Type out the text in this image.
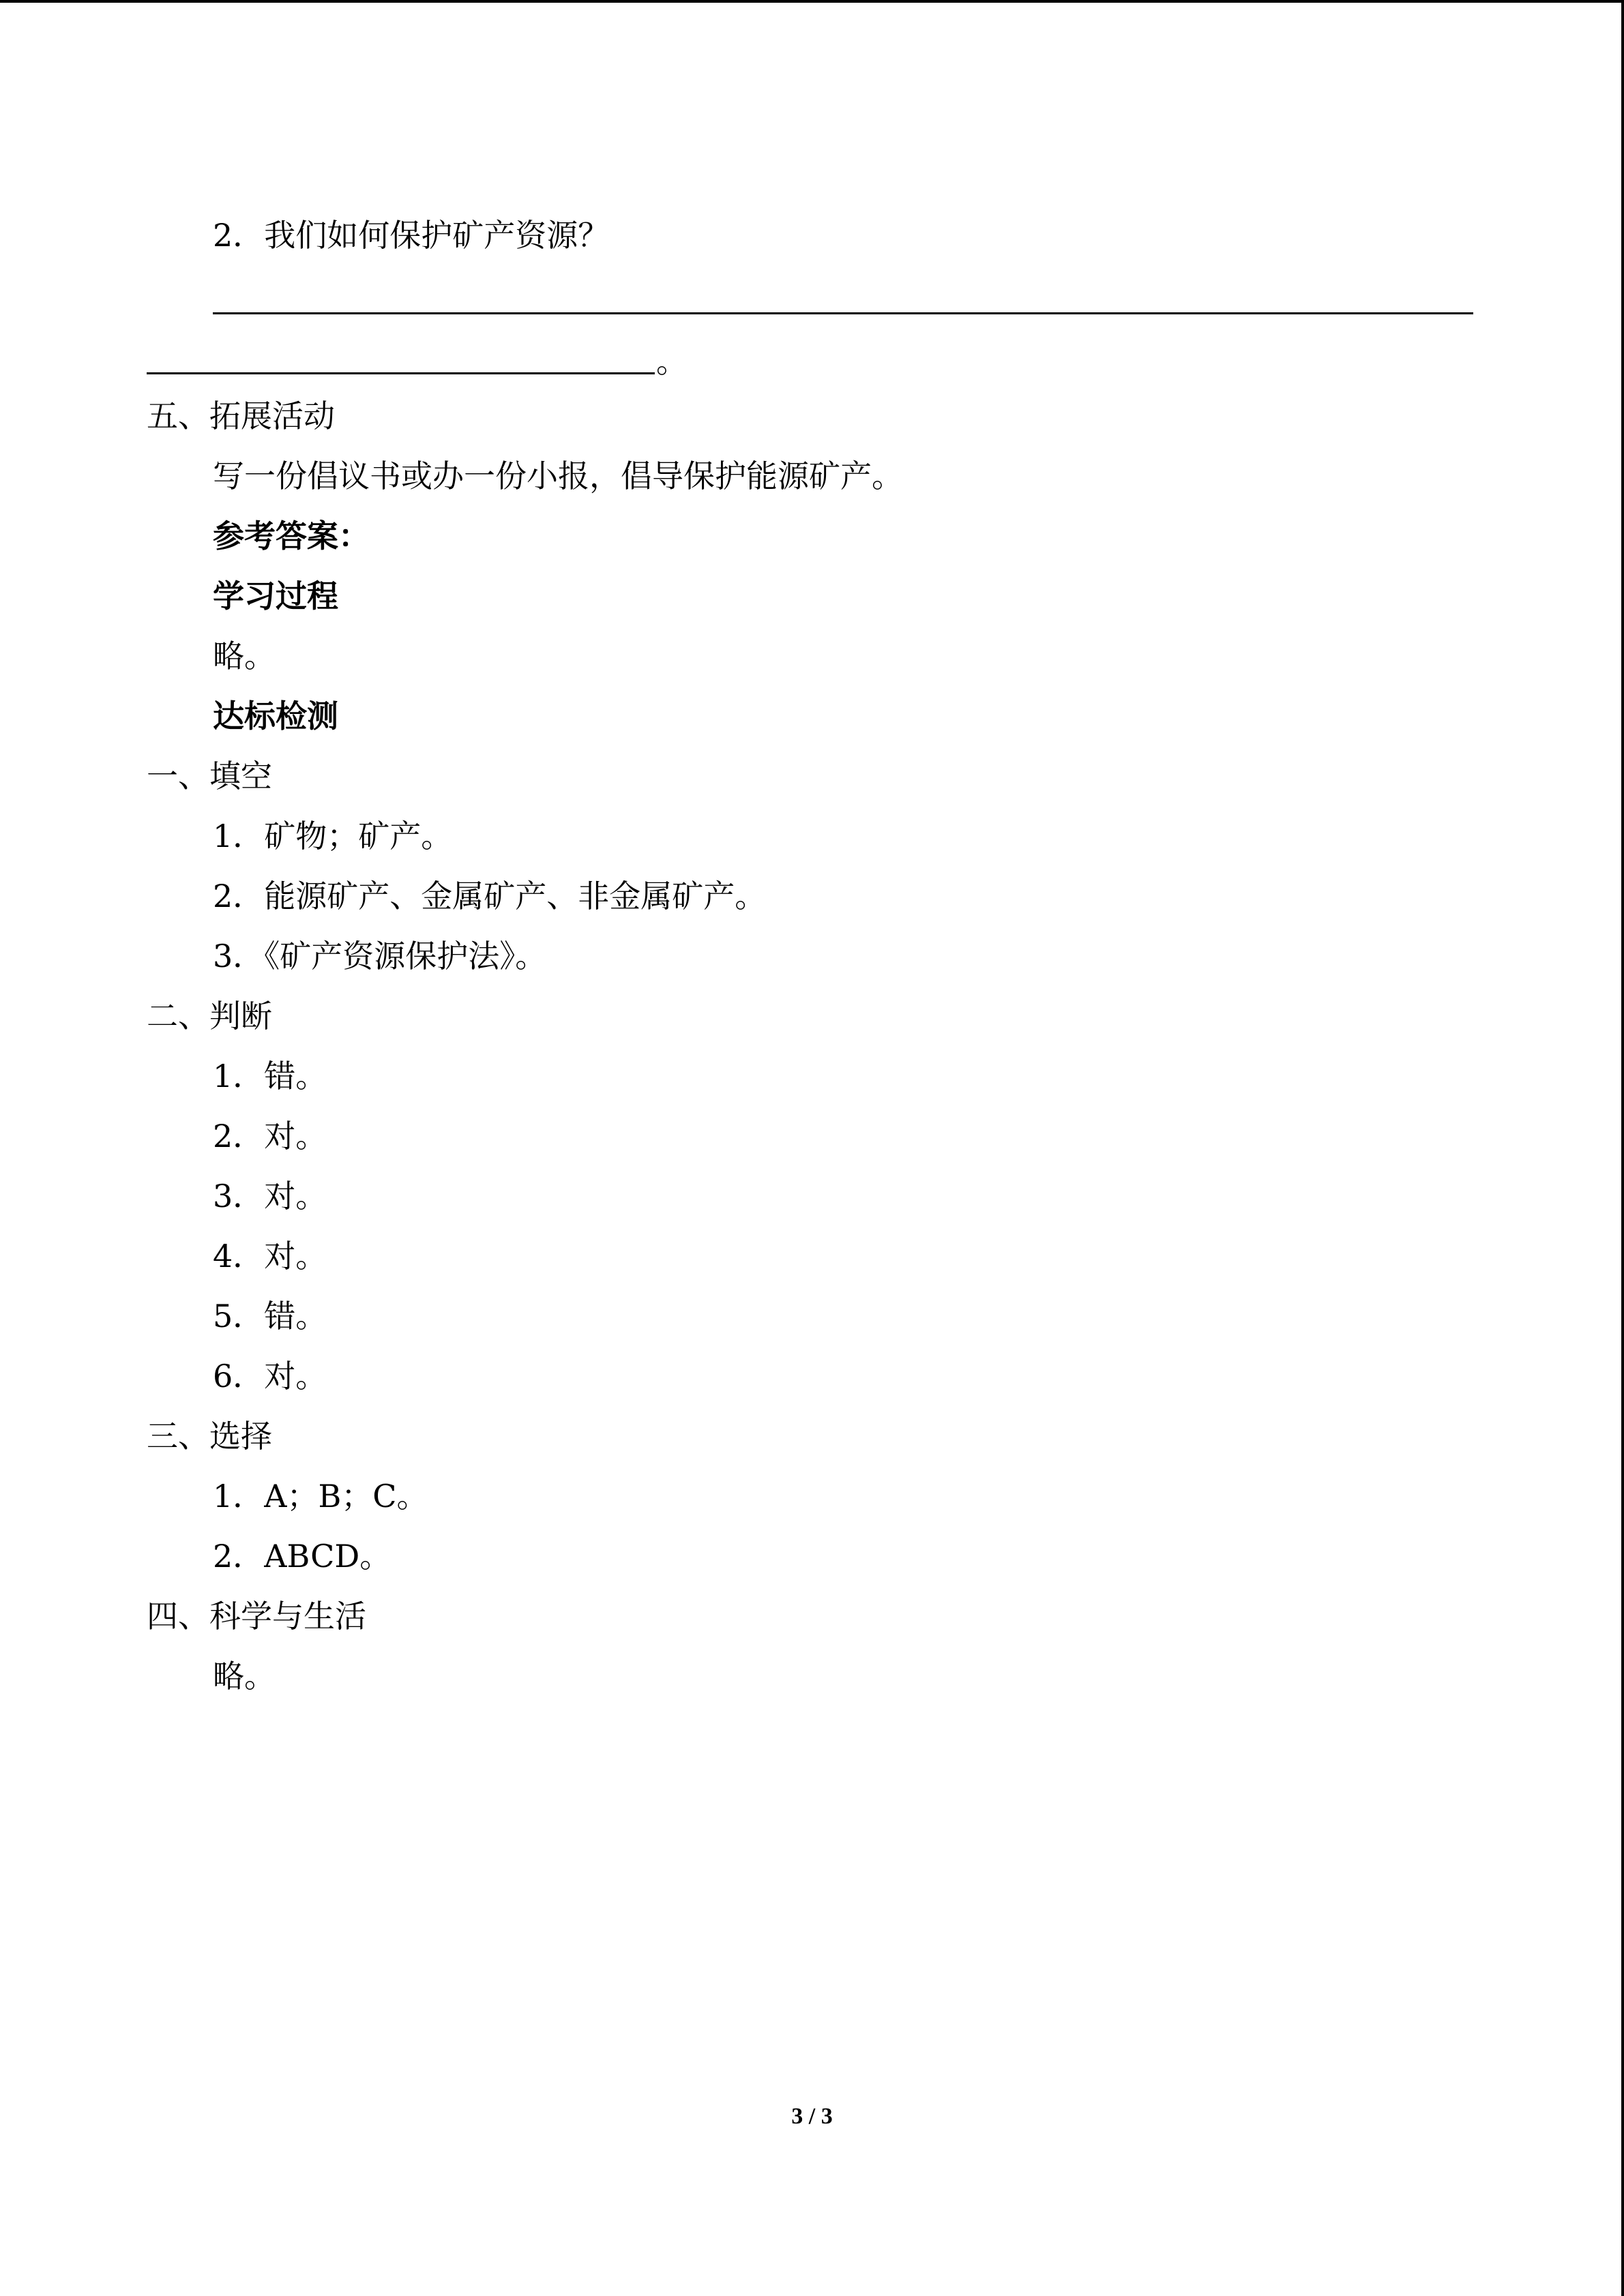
2．我们如何保护矿产资源？
。
五、拓展活动
写一份倡议书或办一份小报，倡导保护能源矿产。
参考答案：
学习过程
略。
达标检测
一、填空
1．矿物；矿产。
2．能源矿产、金属矿产、非金属矿产。
3．《矿产资源保护法》。
二、判断
1．错。
2．对。
3．对。
4．对。
5．错。
6．对。
三、选择
1．A；B；C。
2．ABCD。
四、科学与生活
略。
3 / 3
